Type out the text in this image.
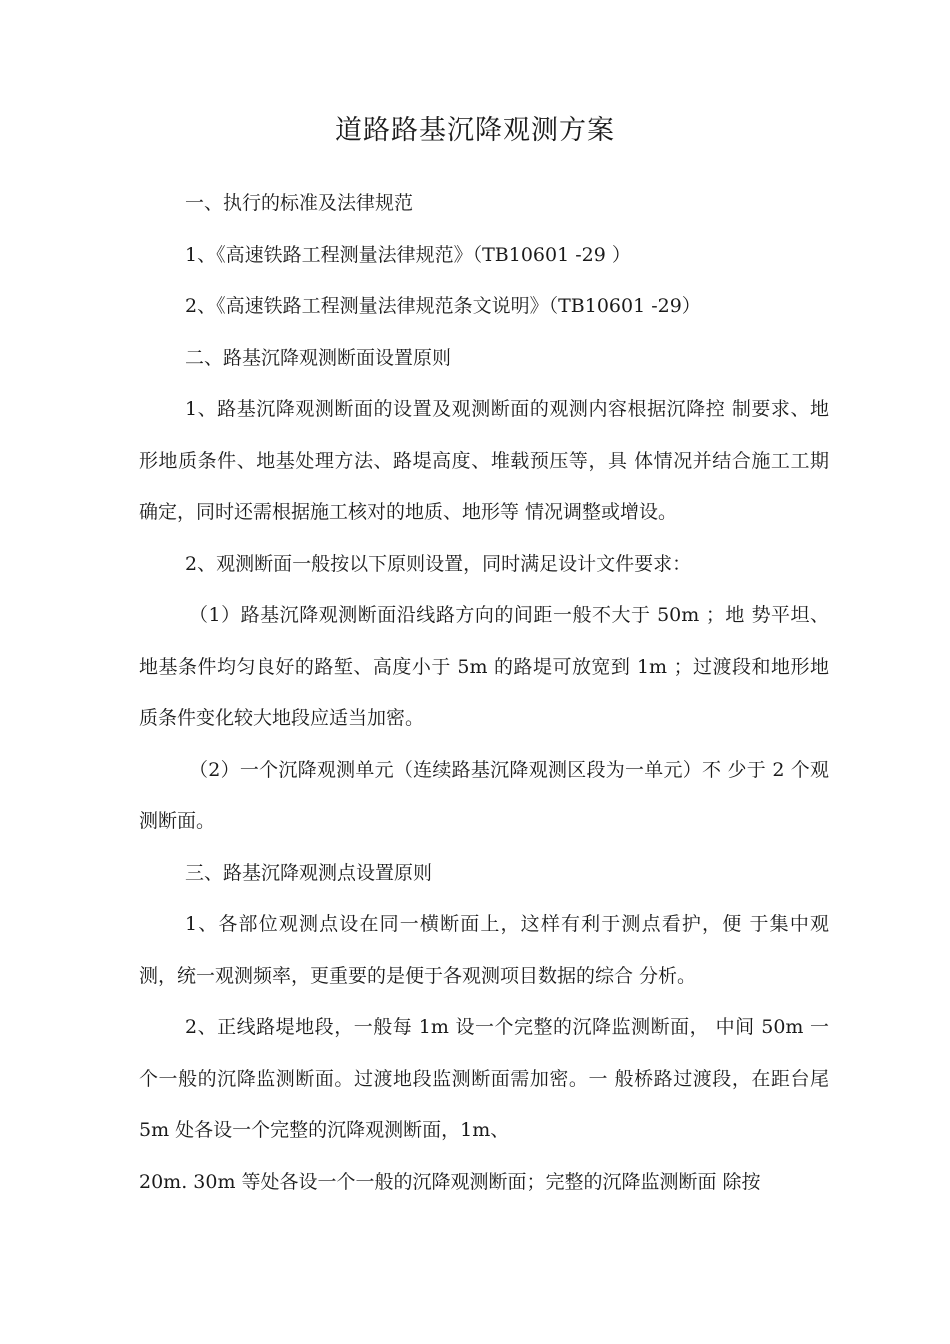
道路路基沉降观测方案

一、执行的标准及法律规范

1、《高速铁路工程测量法律规范》（TB10601 -29 ）

2、《高速铁路工程测量法律规范条文说明》（TB10601 -29）

二、路基沉降观测断面设置原则

1、路基沉降观测断面的设置及观测断面的观测内容根据沉降控 制要求、地形地质条件、地基处理方法、路堤高度、堆载预压等，具 体情况并结合施工工期确定，同时还需根据施工核对的地质、地形等 情况调整或增设。

2、观测断面一般按以下原则设置，同时满足设计文件要求：

（1）路基沉降观测断面沿线路方向的间距一般不大于 50m ；地 势平坦、地基条件均匀良好的路堑、高度小于 5m 的路堤可放宽到 1m ；过渡段和地形地质条件变化较大地段应适当加密。

（2）一个沉降观测单元（连续路基沉降观测区段为一单元）不 少于 2 个观测断面。

三、路基沉降观测点设置原则

1、各部位观测点设在同一横断面上，这样有利于测点看护，便 于集中观测，统一观测频率，更重要的是便于各观测项目数据的综合 分析。

2、正线路堤地段，一般每 1m 设一个完整的沉降监测断面， 中间 50m 一个一般的沉降监测断面。过渡地段监测断面需加密。一 般桥路过渡段，在距台尾 5m 处各设一个完整的沉降观测断面，1m、

20m. 30m 等处各设一个一般的沉降观测断面；完整的沉降监测断面 除按
